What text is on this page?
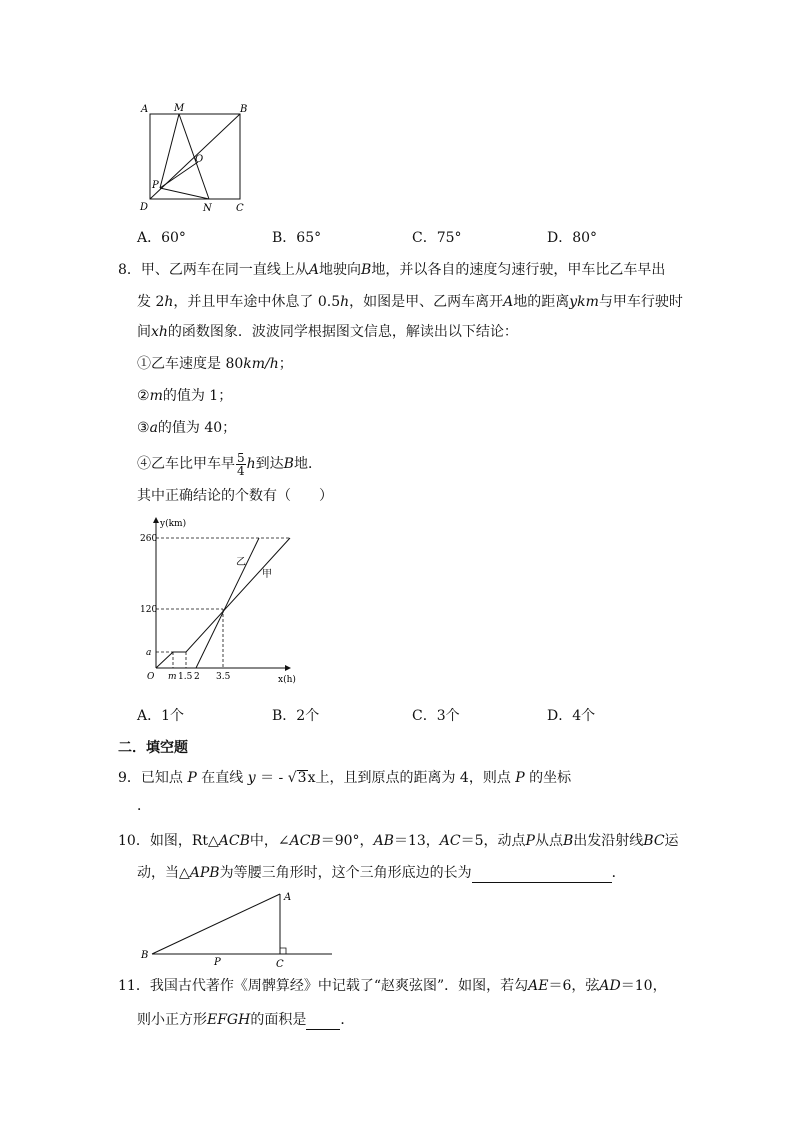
A	M	B
O
P
D	N C
A．60°	B．65°	C．75°	D．80°
8．甲、乙两车在同一直线上从A地驶向B地，并以各自的速度匀速行驶，甲车比乙车早出
发 2h，并且甲车途中休息了 0.5h，如图是甲、乙两车离开A地的距离ykm与甲车行驶时
间xh的函数图象．波波同学根据图文信息，解读出以下结论：
①乙车速度是 80km/h；
②m的值为 1；
③a的值为 40；
④乙车比甲车早 $\frac{5}{4}$ h到达B地．
其中正确结论的个数有（　　）
y(km)
x(h)
260
120
a
O m 1.5 2 3.5
乙
甲
A．1个	B．2个	C．3个	D．4个
二．填空题
9．已知点 P 在直线 y ＝ - √3x上，且到原点的距离为 4，则点 P 的坐标
．
10．如图，Rt△ACB中，∠ACB＝90°，AB＝13，AC＝5，动点P从点B出发沿射线BC运
动，当△APB为等腰三角形时，这个三角形底边的长为	．
A
B
P	C
11．我国古代著作《周髀算经》中记载了“赵爽弦图”．如图，若勾AE＝6，弦AD＝10，
则小正方形EFGH的面积是 ．
